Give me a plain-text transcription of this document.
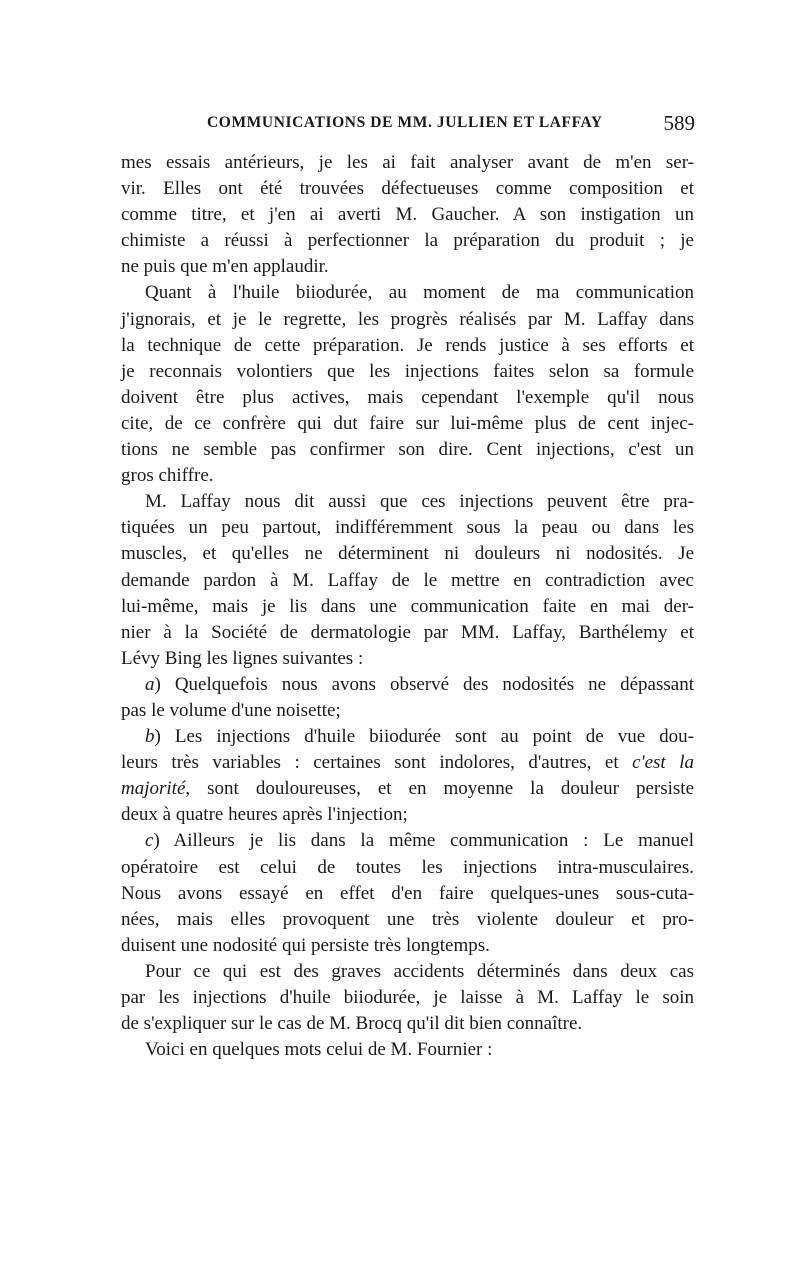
COMMUNICATIONS DE MM. JULLIEN ET LAFFAY	589
mes essais antérieurs, je les ai fait analyser avant de m'en ser-
vir. Elles ont été trouvées défectueuses comme composition et
comme titre, et j'en ai averti M. Gaucher. A son instigation un
chimiste a réussi à perfectionner la préparation du produit ; je
ne puis que m'en applaudir.
Quant à l'huile biiodurée, au moment de ma communication
j'ignorais, et je le regrette, les progrès réalisés par M. Laffay dans
la technique de cette préparation. Je rends justice à ses efforts et
je reconnais volontiers que les injections faites selon sa formule
doivent être plus actives, mais cependant l'exemple qu'il nous
cite, de ce confrère qui dut faire sur lui-même plus de cent injec-
tions ne semble pas confirmer son dire. Cent injections, c'est un
gros chiffre.
M. Laffay nous dit aussi que ces injections peuvent être pra-
tiquées un peu partout, indifféremment sous la peau ou dans les
muscles, et qu'elles ne déterminent ni douleurs ni nodosités. Je
demande pardon à M. Laffay de le mettre en contradiction avec
lui-même, mais je lis dans une communication faite en mai der-
nier à la Société de dermatologie par MM. Laffay, Barthélemy et
Lévy Bing les lignes suivantes :
a) Quelquefois nous avons observé des nodosités ne dépassant
pas le volume d'une noisette;
b) Les injections d'huile biiodurée sont au point de vue dou-
leurs très variables : certaines sont indolores, d'autres, et c'est la
majorité, sont douloureuses, et en moyenne la douleur persiste
deux à quatre heures après l'injection;
c) Ailleurs je lis dans la même communication : Le manuel
opératoire est celui de toutes les injections intra-musculaires.
Nous avons essayé en effet d'en faire quelques-unes sous-cuta-
nées, mais elles provoquent une très violente douleur et pro-
duisent une nodosité qui persiste très longtemps.
Pour ce qui est des graves accidents déterminés dans deux cas
par les injections d'huile biiodurée, je laisse à M. Laffay le soin
de s'expliquer sur le cas de M. Brocq qu'il dit bien connaître.
Voici en quelques mots celui de M. Fournier :
